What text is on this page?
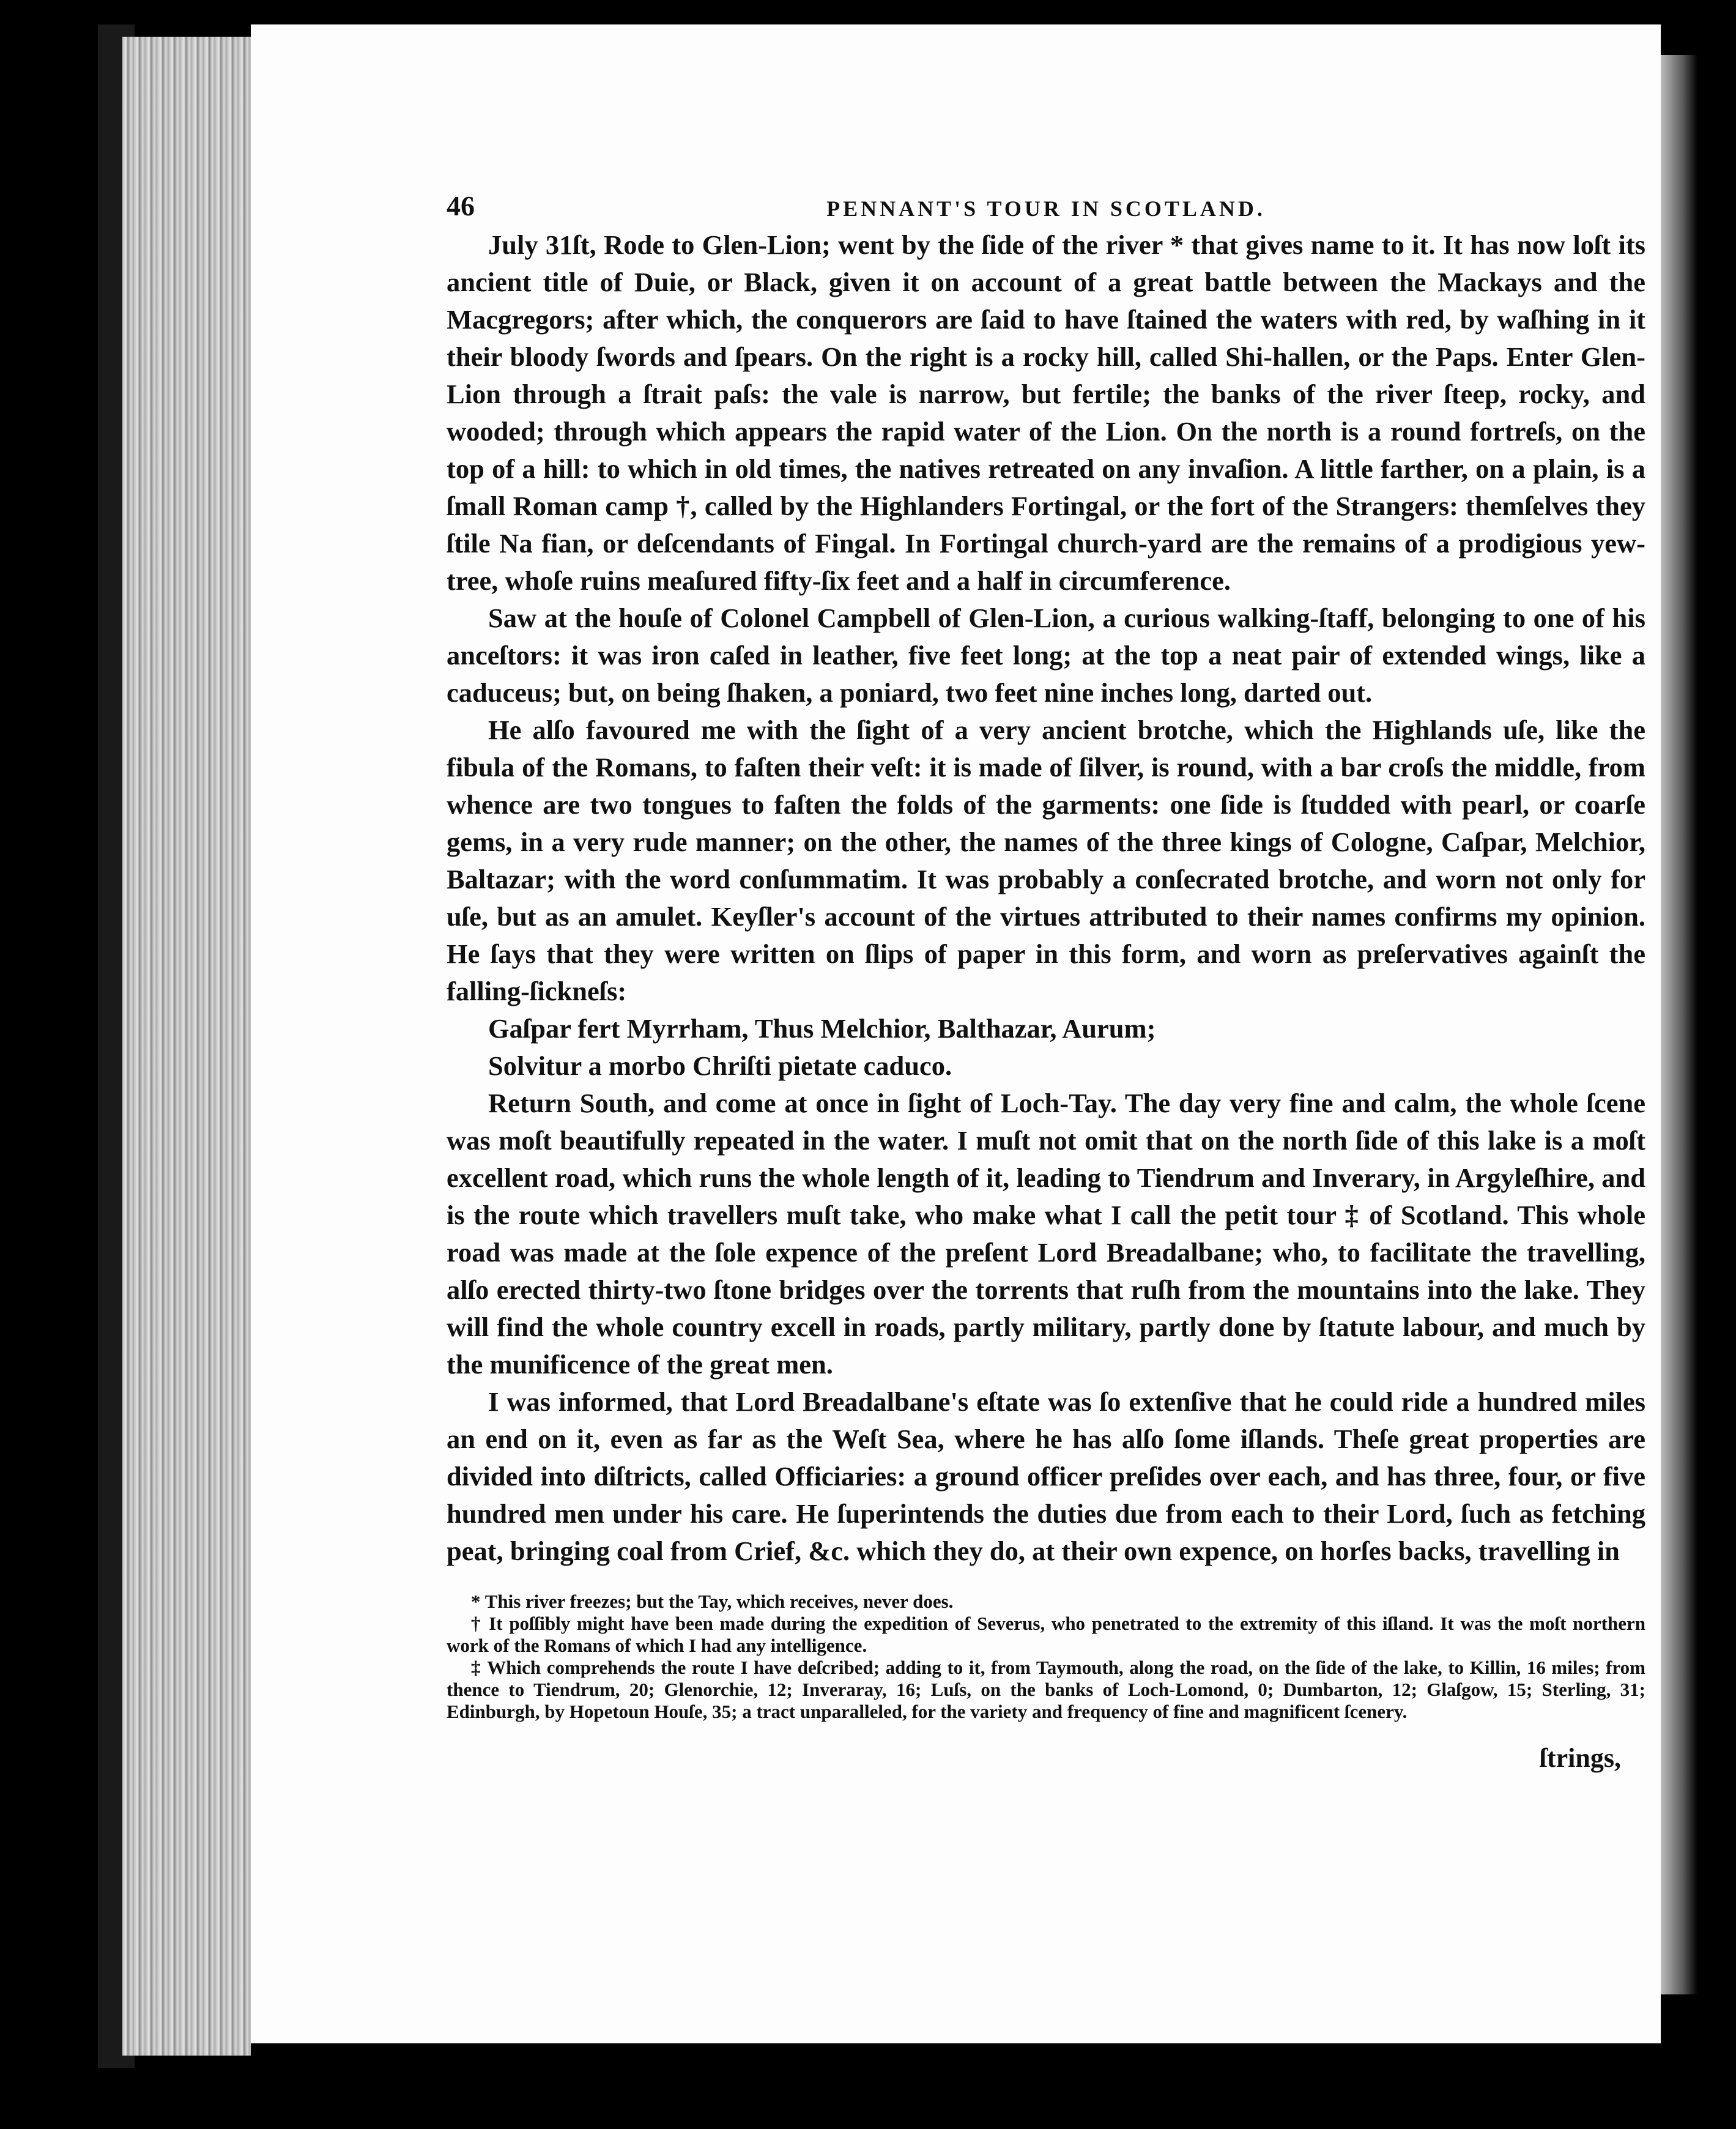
46	PENNANT'S TOUR IN SCOTLAND.

July 31ſt, Rode to Glen-Lion; went by the ſide of the river * that gives name to it. It has now loſt its ancient title of Duie, or Black, given it on account of a great battle between the Mackays and the Macgregors; after which, the conquerors are ſaid to have ſtained the waters with red, by waſhing in it their bloody ſwords and ſpears. On the right is a rocky hill, called Shi-hallen, or the Paps. Enter Glen-Lion through a ſtrait paſs: the vale is narrow, but fertile; the banks of the river ſteep, rocky, and wooded; through which appears the rapid water of the Lion. On the north is a round fortreſs, on the top of a hill: to which in old times, the natives retreated on any invaſion. A little farther, on a plain, is a ſmall Roman camp †, called by the Highlanders Fortingal, or the fort of the Strangers: themſelves they ſtile Na fian, or deſcendants of Fingal. In Fortingal church-yard are the remains of a prodigious yew-tree, whoſe ruins meaſured fifty-ſix feet and a half in circumference.

Saw at the houſe of Colonel Campbell of Glen-Lion, a curious walking-ſtaff, belonging to one of his anceſtors: it was iron caſed in leather, five feet long; at the top a neat pair of extended wings, like a caduceus; but, on being ſhaken, a poniard, two feet nine inches long, darted out.

He alſo favoured me with the ſight of a very ancient brotche, which the Highlands uſe, like the fibula of the Romans, to faſten their veſt: it is made of ſilver, is round, with a bar croſs the middle, from whence are two tongues to faſten the folds of the garments: one ſide is ſtudded with pearl, or coarſe gems, in a very rude manner; on the other, the names of the three kings of Cologne, Caſpar, Melchior, Baltazar; with the word conſummatim. It was probably a conſecrated brotche, and worn not only for uſe, but as an amulet. Keyſler's account of the virtues attributed to their names confirms my opinion. He ſays that they were written on ſlips of paper in this form, and worn as preſervatives againſt the falling-ſickneſs:

Gaſpar fert Myrrham, Thus Melchior, Balthazar, Aurum;
Solvitur a morbo Chriſti pietate caduco.

Return South, and come at once in ſight of Loch-Tay. The day very fine and calm, the whole ſcene was moſt beautifully repeated in the water. I muſt not omit that on the north ſide of this lake is a moſt excellent road, which runs the whole length of it, leading to Tiendrum and Inverary, in Argyleſhire, and is the route which travellers muſt take, who make what I call the petit tour ‡ of Scotland. This whole road was made at the ſole expence of the preſent Lord Breadalbane; who, to facilitate the travelling, alſo erected thirty-two ſtone bridges over the torrents that ruſh from the mountains into the lake. They will find the whole country excell in roads, partly military, partly done by ſtatute labour, and much by the munificence of the great men.

I was informed, that Lord Breadalbane's eſtate was ſo extenſive that he could ride a hundred miles an end on it, even as far as the Weſt Sea, where he has alſo ſome iſlands. Theſe great properties are divided into diſtricts, called Officiaries: a ground officer preſides over each, and has three, four, or five hundred men under his care. He ſuperintends the duties due from each to their Lord, ſuch as fetching peat, bringing coal from Crief, &c. which they do, at their own expence, on horſes backs, travelling in

* This river freezes; but the Tay, which receives, never does.

† It poſſibly might have been made during the expedition of Severus, who penetrated to the extremity of this iſland. It was the moſt northern work of the Romans of which I had any intelligence.

‡ Which comprehends the route I have deſcribed; adding to it, from Taymouth, along the road, on the ſide of the lake, to Killin, 16 miles; from thence to Tiendrum, 20; Glenorchie, 12; Inveraray, 16; Luſs, on the banks of Loch-Lomond, 0; Dumbarton, 12; Glaſgow, 15; Sterling, 31; Edinburgh, by Hopetoun Houſe, 35; a tract unparalleled, for the variety and frequency of fine and magnificent ſcenery.

ſtrings,
